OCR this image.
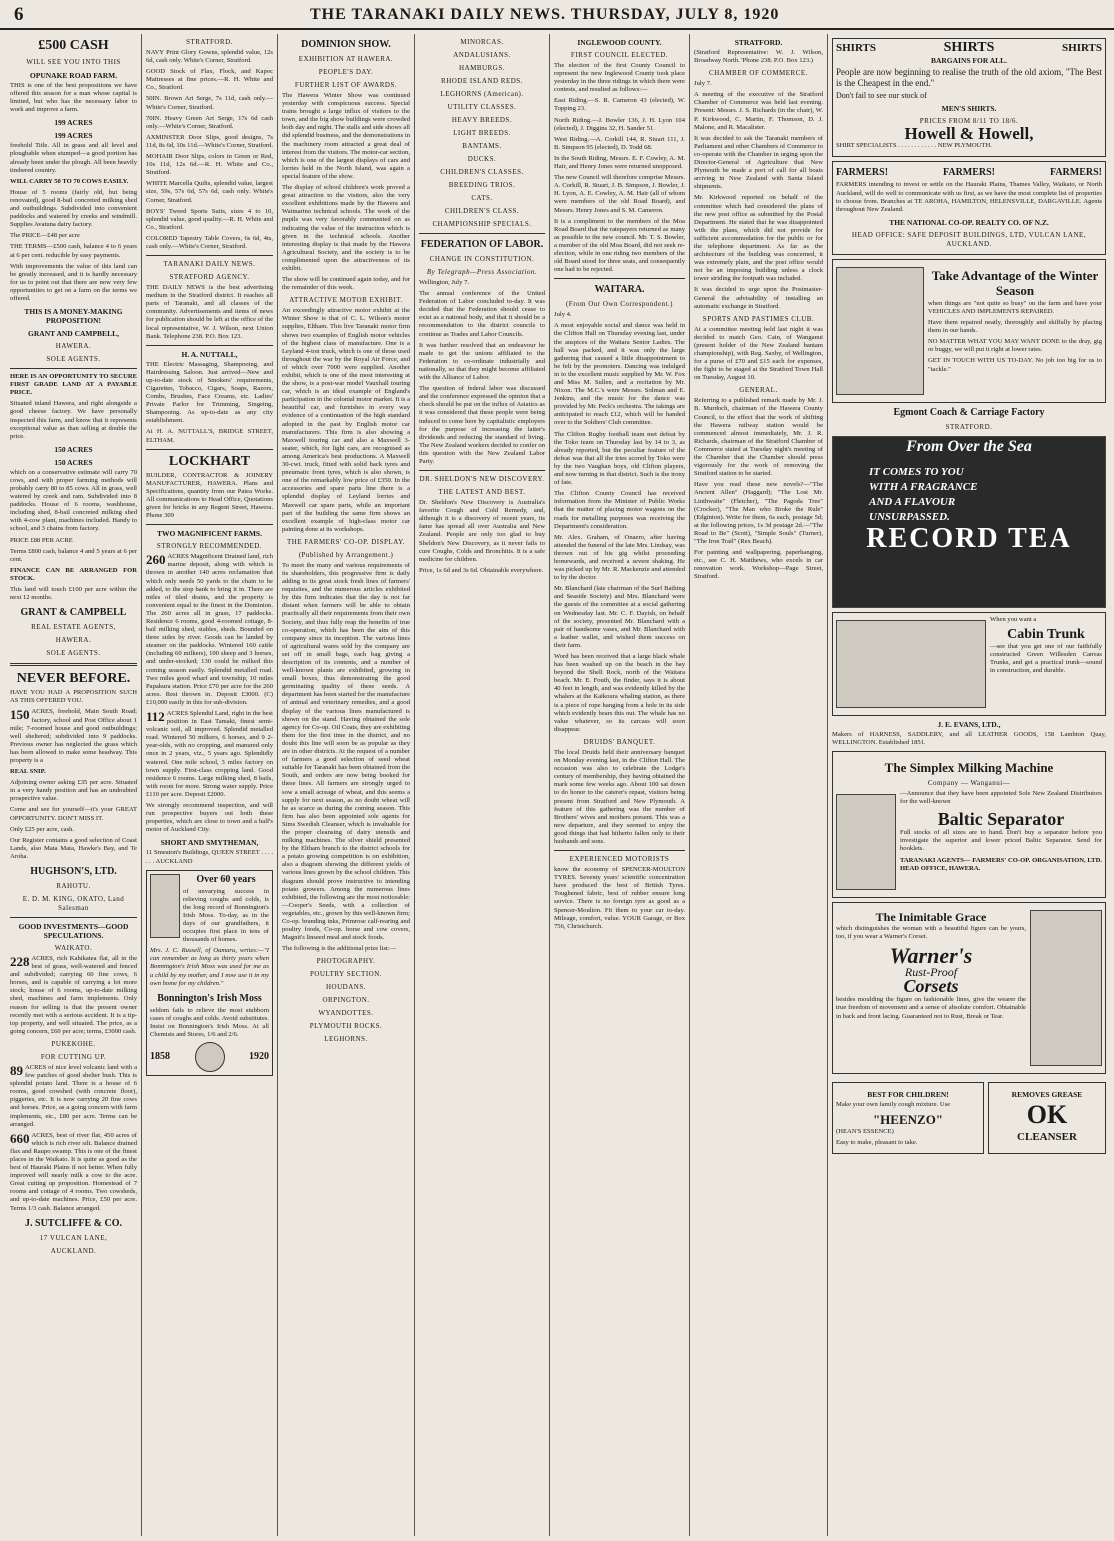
6	THE TARANAKI DAILY NEWS. THURSDAY, JULY 8, 1920
£500 CASH
WILL SEE YOU INTO THIS
OPUNAKE ROAD FARM.

THIS is one of the best propositions we have offered this season for a man whose capital is limited, but who has the necessary labor to work and improve a farm.

199 ACRES
199 ACRES

freehold Title. All in grass and all level and ploughable when stumped—a good portion has already been under the plough. All been heavily timbered country.

WILL CARRY 50 TO 70 COWS EASILY.

House of 5 rooms (fairly old, but being renovated), good 8-bail concreted milking shed and outbuildings. Subdivided into convenient paddocks and watered by creeks and windmill. Supplies Avatuna dairy factory.

The PRICE—£48 per acre

THE TERMS—£500 cash, balance 4 to 6 years at 6 per cent. reducible by easy payments.

With improvements the value of this land can be greatly increased, and it is hardly necessary for us to point out that there are now very few opportunities to get on a farm on the terms we offered.

THIS IS A MONEY-MAKING PROPOSITION!
GRANT AND CAMPBELL,
HAWERA.
SOLE AGENTS.

HERE IS AN OPPORTUNITY TO SECURE FIRST GRADE LAND AT A PAYABLE PRICE.

Situated inland Hawera, and right alongside a good cheese factory. We have personally inspected this farm, and know that it represents exceptional value as than selling at double the price.

150 ACRES
150 ACRES

which on a conservative estimate will carry 70 cows, and with proper farming methods will probably carry 80 to 85 cows. All in grass, well watered by creek and ram. Subdivided into 8 paddocks. House of 6 rooms, washhouse, including shed, 8-bail concreted milking shed with 4-cow plant, machines included. Handy to school, and 3 chains from factory.

PRICE £88 PER ACRE

Terms £800 cash, balance 4 and 5 years at 6 per cent.

FINANCE CAN BE ARRANGED FOR STOCK.

This land will touch £100 per acre within the next 12 months.

GRANT & CAMPBELL
REAL ESTATE AGENTS,
HAWERA.
SOLE AGENTS.
NEVER BEFORE.

HAVE YOU HAD A PROPOSITION SUCH AS THIS OFFERED YOU.

150 ACRES, freehold, Main South Road; factory, school and Post Office about 1 mile; 7-roomed house and good outbuildings; well sheltered; subdivided into 9 paddocks. Previous owner has neglected the grass which has been allowed to make some headway. This property is a

REAL SNIP.

Adjoining owner asking £35 per acre. Situated in a very handy position and has an undoubted prospective value.

Come and see for yourself—it's your GREAT OPPORTUNITY. DON'T MISS IT.

Only £25 per acre, cash.

Our Register contains a good selection of Coast Lands, also Mata Mata, Hawke's Bay, and Te Aroha.

HUGHSON'S, LTD.
RAHOTU.
E. D. M. KING, OKATO, Land Salesman
GOOD INVESTMENTS—GOOD SPECULATIONS.
WAIKATO.

228 ACRES, rich Kahikatea flat, all in the best of grass, well-watered and fenced and subdivided; carrying 60 fine cows, 6 horses, and is capable of carrying a lot more stock; house of 6 rooms, up-to-date milking shed, machines and farm implements. Only reason for selling is that the present owner recently met with a serious accident. It is a tip-top property, and well situated. The price, as a going concern, £60 per acre; terms, £3000 cash.

PUKEKOHE.
FOR CUTTING UP.

89 ACRES of nice level volcanic land with a few patches of good shelter bush. This is splendid potato land. There is a house of 6 rooms, good cowshed (with concrete floor), piggeries, etc. It is now carrying 20 fine cows and horses. Price, as a going concern with farm implements, etc., £80 per acre. Terms can be arranged.

660 ACRES, best of river flat, 450 acres of which is rich river silt. Balance drained flax and Raupo swamp. This is one of the finest places in the Waikato. It is quite as good as the best of Hauraki Plains if not better. When fully improved will nearly milk a cow to the acre. Great cutting up proposition. Homestead of 7 rooms and cottage of 4 rooms. Two cowsheds, and up-to-date machines. Price, £50 per acre. Terms 1/3 cash. Balance arranged.

J. SUTCLIFFE & CO.
17 VULCAN LANE,
AUCKLAND.
STRATFORD.

NAVY Print Glory Gowns, splendid value, 12s 6d, cash only. White's Corner, Stratford.

GOOD Stock of Flax, Flock, and Kapoc Mattresses at fine prices.—R. H. White and Co., Stratford.

50IN. Brown Art Serge, 7s 11d, cash only.—White's Corner, Stratford.

70IN. Heavy Green Art Serge, 17s 6d cash only.—White's Corner, Stratford.

AXMINSTER Door Slips, good designs, 7s 11d, 8s 6d, 10s 11d.—White's Corner, Stratford.

MOHAIR Door Slips, colors in Green or Red, 10s 11d, 12s 6d.—R. H. White and Co., Stratford.

WHITE Marcella Quilts, splendid value, largest size, 59s, 57s 6d, 57s 6d, cash only. White's Corner, Stratford.

BOYS' Tweed Sports Suits, sizes 4 to 10, splendid value, good quality.—R. H. White and Co., Stratford.

COLORED Tapestry Table Covers, 6s 6d, 4ts, cash only.—White's Corner, Stratford.

TARANAKI DAILY NEWS.
STRATFORD AGENCY.

THE DAILY NEWS is the best advertising medium in the Stratford district. It reaches all parts of Taranaki, and all classes of the community. Advertisements and items of news for publication should be left at the office of the local representative, W. J. Wilson, next Union Bank. Telephone 238. P.O. Box 123.

H. A. NUTTALL,

THE Electric Massaging, Shampooing, and Hairdressing Saloon. Just arrived—New and up-to-date stock of Smokers' requirements, Cigarettes, Tobacco, Cigars, Soaps, Razors, Combs, Brushes, Face Creams, etc. Ladies' Private Parlor for Trimming, Singeing, Shampooing. As up-to-date as any city establishment.

At H. A. NUTTALL'S, BRIDGE STREET, ELTHAM.

LOCKHART

BUILDER, CONTRACTOR & JOINERY MANUFACTURER, HAWERA. Plans and Specifications, quantity from our Patea Works. All communications to Head Office, Quotations given for bricks in any Regent Street, Hawera. Phone 309

TWO MAGNIFICENT FARMS.
STRONGLY RECOMMENDED.

260 ACRES Magnificent Drained land, rich marine deposit, along with which is thrown in another 140 acres reclamation that which only needs 50 yards to the chain to be added, to the stop bank to bring it in. There are miles of tiled drains, and the property is convenient equal to the finest in the Dominion. The 260 acres all in grass, 17 paddocks. Residence 6 rooms, good 4-roomed cottage, 8-bail milking shed, stables, sheds. Bounded on three sides by river. Goods can be landed by steamer on the paddocks. Wintered 160 cattle (including 60 milkers), 100 sheep and 3 horses, and under-stocked; 130 could be milked this coming season easily. Splendid metalled road. Two miles good wharf and township, 10 miles Papakura station. Price £70 per acre for the 260 acres. Rest thrown in. Deposit £3000. (C) £10,000 easily in this for sub-division.

112 ACRES Splendid Land, right in the best position in East Tamaki, finest semi-volcanic soil, all improved. Splendid metalled road. Wintered 50 milkers, 6 horses, and 9 2-year-olds, with no cropping, and manured only once in 2 years, viz., 5 years ago. Splendidly watered. One mile school, 3 miles factory on town supply. First-class cropping land. Good residence 6 rooms. Large milking shed, 8 bails, with room for more. Strong water supply. Price £110 per acre. Deposit £2000.

We strongly recommend inspection, and will run prospective buyers out both these properties, which are close to town and a half's motor of Auckland City.

SHORT AND SMYTHEMAN,

11 Smeaton's Buildings, QUEEN STREET . . . . . . . AUCKLAND

Over 60 years

of unvarying success in relieving coughs and colds, is the long record of Bonnington's Irish Moss. To-day, as in the days of our grandfathers, it occupies first place in tens of thousands of homes.

Mrs. J. C. Russell, of Oamaru, writes:—"I can remember as long as thirty years when Bonnington's Irish Moss was used for me as a child by my mother, and I now use it in my own home for my children."

Bonnington's Irish Moss

seldom fails to relieve the most stubborn cases of coughs and colds. Avoid substitutes. Insist on Bonnington's Irish Moss. At all Chemists and Stores, 1/6 and 2/6.

1858	1920
DOMINION SHOW.
EXHIBITION AT HAWERA.
PEOPLE'S DAY.
FURTHER LIST OF AWARDS.

The Hawera Winter Show was continued yesterday with conspicuous success. Special trains brought a large influx of visitors to the town, and the big show buildings were crowded both day and night. The stalls and side shows all did splendid business, and the demonstrations in the machinery room attracted a great deal of interest from the visitors. The motor-car section, which is one of the largest displays of cars and lorries held in the North Island, was again a special feature of the show.

The display of school children's work proved a great attraction to the visitors, also the very excellent exhibitions made by the Hawera and Waimarino technical schools. The work of the pupils was very favorably commented on as indicating the value of the instruction which is given in the technical schools. Another interesting display is that made by the Hawera Agricultural Society, and the society is to be complimented upon the attractiveness of its exhibit.

The show will be continued again today, and for the remainder of this week.

ATTRACTIVE MOTOR EXHIBIT.

An exceedingly attractive motor exhibit at the Winter Show is that of C. L. Wilson's motor supplies, Eltham. This live Taranaki motor firm shows two examples of English motor vehicles of the highest class of manufacture. One is a Leyland 4-ton truck, which is one of those used throughout the war by the Royal Air Force, and of which over 7000 were supplied. Another exhibit, which is one of the most interesting at the show, is a post-war model Vauxhall touring car, which is an ideal example of England's participation in the colonial motor market. It is a beautiful car, and furnishes in every way evidence of a continuation of the high standard adopted in the past by English motor car manufacturers. This firm is also showing a Maxwell touring car and also a Maxwell 3-seater, which, for light cars, are recognised as among America's best productions. A Maxwell 30-cwt. truck, fitted with solid back tyres and pneumatic front tyres, which is also shown, is one of the remarkably low price of £350. In the accessories and spare parts line there is a splendid display of Leyland lorries and Maxwell car spare parts, while an important part of the building the same firm shows an excellent example of high-class motor car painting done at its workshops.

THE FARMERS' CO-OP. DISPLAY.
(Published by Arrangement.)

To meet the many and various requirements of its shareholders, this progressive firm is daily adding to its great stock fresh lines of farmers' requisites, and the numerous articles exhibited by this firm indicates that the day is not far distant when farmers will be able to obtain practically all their requirements from their own Society, and thus fully reap the benefits of true co-operation, which has been the aim of this company since its inception. The various lines of agricultural wares sold by the company are set off in small bags, each bag giving a description of its contents, and a number of well-known plants are exhibited, growing in small boxes, thus demonstrating the good germinating quality of these seeds. A department has been started for the manufacture of animal and veterinary remedies, and a good display of the various lines manufactured is shown on the stand. Having obtained the sole agency for Co-op. Oil Coats, they are exhibiting them for the first time in the district, and no doubt this line will soon be as popular as they are in other districts. At the request of a number of farmers a good selection of seed wheat suitable for Taranaki has been obtained from the South, and orders are now being booked for these lines. All farmers are strongly urged to sow a small acreage of wheat, and this seems a supply for next season, as no doubt wheat will be as scarce as during the coming season. This firm has also been appointed sole agents for Sims Swedish Cleanser, which is invaluable for the proper cleansing of dairy utensils and milking machines. The silver shield presented by the Eltham branch to the district schools for a potato growing competition is on exhibition, also a diagram showing the different yields of various lines grown by the school children. This diagram should prove instructive to intending potato growers. Among the numerous lines exhibited, the following are the most noticeable:—Cooper's Seeds, with a collection of vegetables, etc., grown by this well-known firm; Co-op. branding inks, Primrose calf-rearing and poultry foods, Co-op. horse and cow covers, Magnit's linseed meal and stock foods.

The following is the additional prize list:—

PHOTOGRAPHY.
POULTRY SECTION.
HOUDANS.
ORPINGTON.
WYANDOTTES.
PLYMOUTH ROCKS.
LEGHORNS.
MINORCAS.
ANDALUSIANS.
HAMBURGS.
RHODE ISLAND REDS.
LEGHORNS (American).
UTILITY CLASSES.
HEAVY BREEDS.
LIGHT BREEDS.
BANTAMS.
DUCKS.
CHILDREN'S CLASSES.
BREEDING TRIOS.
CATS.
CHILDREN'S CLASS.
CHAMPIONSHIP SPECIALS.
FEDERATION OF LABOR.
CHANGE IN CONSTITUTION.
By Telegraph—Press Association.

Wellington, July 7.

The annual conference of the United Federation of Labor concluded to-day. It was decided that the Federation should cease to exist as a national body, and that it should be a recommendation to the district councils to continue as Trades and Labor Councils.

It was further resolved that an endeavour be made to get the unions affiliated to the Federation to co-ordinate industrially and nationally, so that they might become affiliated with the Alliance of Labor.

The question of federal labor was discussed and the conference expressed the opinion that a check should be put on the influx of Asiatics as it was considered that these people were being induced to come here by capitalistic employers for the purpose of increasing the latter's dividends and reducing the standard of living. The New Zealand workers decided to confer on this question with the New Zealand Labor Party.

DR. SHELDON'S NEW DISCOVERY.
THE LATEST AND BEST.

Dr. Sheldon's New Discovery is Australia's favorite Cough and Cold Remedy, and, although it is a discovery of recent years, its fame has spread all over Australia and New Zealand. People are only too glad to buy Sheldon's New Discovery, as it never fails to cure Coughs, Colds and Bronchitis. It is a safe medicine for children.

Price, 1s 6d and 3s 6d. Obtainable everywhere.

INGLEWOOD COUNTY.
FIRST COUNCIL ELECTED.

The election of the first County Council to represent the new Inglewood County took place yesterday in the three ridings in which there were contests, and resulted as follows:—

East Riding.—S. R. Cameron 43 (elected), W. Topping 23.

North Riding.—J. Bowler 136, J. H. Lyon 104 (elected), J. Diggins 32, H. Sander 51.

West Riding.—A. Corkill 144, R. Stuart 111, J. B. Simpson 95 (elected), D. Todd 68.

In the South Riding, Messrs. E. F. Cowley, A. M. Hair, and Henry Jones were returned unopposed.

The new Council will therefore comprise Messrs. A. Corkill, R. Stuart, J. B. Simpson, J. Bowler, J. H. Lyon, A. E. Cowley, A. M. Hair (all of whom were members of the old Road Board), and Messrs. Henry Jones and S. M. Cameron.

It is a compliment to the members of the Moa Road Board that the ratepayers returned as many as possible to the new council. Mr. T. S. Bowler, a member of the old Moa Board, did not seek re-election, while in one riding two members of the old Board stood for three seats, and consequently one had to be rejected.

WAITARA.
(From Our Own Correspondent.)

July 4.

A most enjoyable social and dance was held in the Clifton Hall on Thursday evening last, under the auspices of the Waitara Senior Ladies. The hall was packed, and it was only the large gathering that caused a little disappointment to be felt by the promoters. Dancing was indulged in to the excellent music supplied by Mr. W. Fox and Miss M. Sullen, and a recitation by Mr. Nixon. The M.C.'s were Messrs. Solman and E. Jenkins, and the music for the dance was provided by Mr. Peck's orchestra. The takings are anticipated to reach £12, which will be handed over to the Soldiers' Club committee.

The Clifton Rugby football team met defeat by the Toko team on Thursday last by 14 to 3, as already reported, but the peculiar feature of the defeat was that all the tries scored by Toko were by the two Vaughan boys, old Clifton players, and now turning in that district. Such is the irony of fate.

The Clifton County Council has received information from the Minister of Public Works that the matter of placing motor wagons on the roads for metalling purposes was receiving the Department's consideration.

Mr. Alex. Graham, of Onaero, after having attended the funeral of the late Mrs. Lindsay, was thrown out of his gig whilst proceeding homewards, and received a severe shaking. He was picked up by Mr. R. Mackenzie and attended to by the doctor.

Mr. Blanchard (late chairman of the Surf Bathing and Seaside Society) and Mrs. Blanchard were the guests of the committee at a social gathering on Wednesday last. Mr. C. F. Dayish, on behalf of the society, presented Mr. Blanchard with a pair of handsome vases, and Mr. Blanchard with a leather wallet, and wished them success on their farm.

Word has been received that a large black whale has been washed up on the beach in the bay beyond the Shell Rock, north of the Waitara beach. Mr. E. Fouth, the finder, says it is about 40 feet in length, and was evidently killed by the whalers at the Kaikoura whaling station, as there is a piece of rope hanging from a hole in its side which evidently bears this out. The whale has no value whatever, so its carcass will soon disappear.

DRUIDS' BANQUET.

The local Druids held their anniversary banquet on Monday evening last, in the Clifton Hall. The occasion was also to celebrate the Lodge's century of membership, they having obtained the mark some few weeks ago. About 100 sat down to do honor to the caterer's repast, visitors being present from Stratford and New Plymouth. A feature of this gathering was the number of Brothers' wives and mothers present. This was a new departure, and they seemed to enjoy the good things that had hitherto fallen only to their husbands and sons.

EXPERIENCED MOTORISTS

know the economy of SPENCER-MOULTON TYRES. Seventy years' scientific concentration have produced the best of British Tyres. Toughened fabric, best of rubber ensure long service. There is no foreign tyre as good as a Spencer-Moulton. Fit them to your car to-day. Mileage, comfort, value. YOUR Garage, or Box 756, Christchurch.

STRATFORD.

(Stratford Representative: W. J. Wilson, Broadway North. 'Phone 238. P.O. Box 123.)

CHAMBER OF COMMERCE.

July 7.

A meeting of the executive of the Stratford Chamber of Commerce was held last evening. Present: Messrs. J. S. Richards (in the chair), W. P. Kirkwood, C. Martin, F. Thomson, D. J. Malone, and R. Macalister.

It was decided to ask the Taranaki members of Parliament and other Chambers of Commerce to co-operate with the Chamber in urging upon the Director-General of Agriculture that New Plymouth be made a port of call for all boats arriving in New Zealand with Santa Island shipments.

Mr. Kirkwood reported on behalf of the committee which had considered the plans of the new post office as submitted by the Postal Department. He stated that he was disappointed with the plans, which did not provide for sufficient accommodation for the public or for the telephone department. As far as the architecture of the building was concerned, it was extremely plain, and the post office would not be an imposing building unless a clock tower striding the footpath was included.

It was decided to urge upon the Postmaster-General the advisability of installing an automatic exchange in Stratford.

SPORTS AND PASTIMES CLUB.

At a committee meeting held last night it was decided to match Geo. Cain, of Wanganui (present holder of the New Zealand bantam championship), with Reg. Saxby, of Wellington, for a purse of £70 and £15 each for expenses, the fight to be staged at the Stratford Town Hall on Tuesday, August 10.

GENERAL.

Referring to a published remark made by Mr. J. B. Murdoch, chairman of the Hawera County Council, to the effect that the work of shifting the Hawera railway station would be commenced almost immediately, Mr. J. R. Richards, chairman of the Stratford Chamber of Commerce stated at Tuesday night's meeting of the Chamber that the Chamber should press vigorously for the work of removing the Stratford station to be started.

Have you read these new novels?—"The Ancient Allen" (Haggard); "The Lost Mr. Linthwaite" (Fletcher), "The Pagoda Tree" (Crocker), "The Man who Broke the Rule" (Edginton). Write for them, 6s each, postage 5d; at the following prices, 1s 3d postage 2d.—"The Road to Be" (Scott), "Simple Souls" (Turner), "The Iron Trail" (Rex Beach).

For painting and wallpapering, paperhanging, etc., see C. H. Matthews, who excels in car renovation work. Workshop—Page Street, Stratford.

SHIRTS	SHIRTS	SHIRTS
BARGAINS FOR ALL.

People are now beginning to realise the truth of the old axiom, "The Best is the Cheapest in the end."

Don't fail to see our stock of

MEN'S SHIRTS.
PRICES FROM 8/11 TO 18/6.
Howell & Howell,

SHIRT SPECIALISTS . . . . . . . . . . . . NEW PLYMOUTH.

FARMERS!	FARMERS!	FARMERS!

FARMERS intending to invest or settle on the Hauraki Plains, Thames Valley, Waikato, or North Auckland, will do well to communicate with us first, as we have the most complete list of properties to choose from. Branches at TE AROHA, HAMILTON, HELENSVILLE, DARGAVILLE. Agents throughout New Zealand.

THE NATIONAL CO-OP. REALTY CO. OF N.Z.
HEAD OFFICE: SAFE DEPOSIT BUILDINGS, LTD, VULCAN LANE, AUCKLAND.
Take Advantage of the Winter Season

when things are "not quite so busy" on the farm and have your VEHICLES AND IMPLEMENTS REPAIRED.

Have them repaired neatly, thoroughly and skilfully by placing them in our hands.

NO MATTER WHAT YOU MAY WANT DONE to the dray, gig or buggy, we will put it right at lower rates.

GET IN TOUCH WITH US TO-DAY. No job too big for us to "tackle."

Egmont Coach & Carriage Factory
STRATFORD.
From Over the Sea
IT COMES TO YOU
WITH A FRAGRANCE
AND A FLAVOUR
UNSURPASSED.
RECORD TEA

When you want a

Cabin Trunk

—see that you get one of our faithfully constructed Green Willesden Canvas Trunks, and get a practical trunk—sound in construction, and durable.

J. E. EVANS, LTD.,

Makers of HARNESS, SADDLERY, and all LEATHER GOODS, 158 Lambton Quay, WELLINGTON. Established 1851.

The Simplex Milking Machine
Company — Wanganui—

—Announce that they have been appointed Sole New Zealand Distributors for the well-known

Baltic Separator

Full stocks of all sizes are to hand. Don't buy a separator before you investigate the superior and lower priced Baltic Separator. Send for booklets.

TARANAKI AGENTS— FARMERS' CO-OP. ORGANISATION, LTD. HEAD OFFICE, HAWERA.

The Inimitable Grace

which distinguishes the woman with a beautiful figure can be yours, too, if you wear a Warner's Corset.

Warner's
Rust-Proof
Corsets

besides moulding the figure on fashionable lines, give the wearer the true freedom of movement and a sense of absolute comfort. Obtainable in back and front lacing. Guaranteed not to Rust, Break or Tear.

BEST FOR CHILDREN!

Make your own family cough mixture. Use

"HEENZO"

(HEAN'S ESSENCE)

Easy to make, pleasant to take.

REMOVES GREASE
OK
CLEANSER
